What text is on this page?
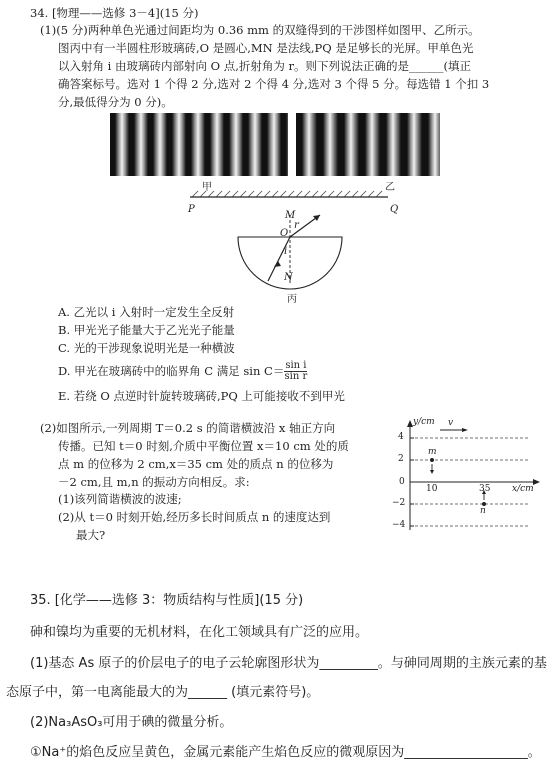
34. [物理——选修 3－4](15 分)
(1)(5 分)两种单色光通过间距均为 0.36 mm 的双缝得到的干涉图样如图甲、乙所示。
图丙中有一半圆柱形玻璃砖,O 是圆心,MN 是法线,PQ 是足够长的光屏。甲单色光
以入射角 i 由玻璃砖内部射向 O 点,折射角为 r。则下列说法正确的是______(填正
确答案标号。选对 1 个得 2 分,选对 2 个得 4 分,选对 3 个得 5 分。每选错 1 个扣 3
分,最低得分为 0 分)。
甲	乙
P	Q
M
r
O
i
N
丙
A. 乙光以 i 入射时一定发生全反射
B. 甲光光子能量大于乙光光子能量
C. 光的干涉现象说明光是一种横波
D. 甲光在玻璃砖中的临界角 C 满足 $\sin C= \frac{\text{sin i}}{\text{sin r}}$
E. 若绕 O 点逆时针旋转玻璃砖,PQ 上可能接收不到甲光
(2)如图所示,一列周期 T＝0.2 s 的简谐横波沿 x 轴正方向
传播。已知 t＝0 时刻,介质中平衡位置 x＝10 cm 处的质
点 m 的位移为 2 cm,x＝35 cm 处的质点 n 的位移为
－2 cm,且 m,n 的振动方向相反。求:
(1)该列简谐横波的波速;
(2)从 t＝0 时刻开始,经历多长时间质点 n 的速度达到
最大?
y/cm v
4
2
0
−2
−4
10	35 x/cm
m
n
35. [化学——选修 3：物质结构与性质](15 分)
砷和镍均为重要的无机材料，在化工领域具有广泛的应用。
(1)基态 As 原子的价层电子的电子云轮廓图形状为_________。与砷同周期的主族元素的基
态原子中，第一电离能最大的为______ (填元素符号)。
(2)Na₃AsO₃可用于碘的微量分析。
①Na⁺的焰色反应呈黄色，金属元素能产生焰色反应的微观原因为___________________。
